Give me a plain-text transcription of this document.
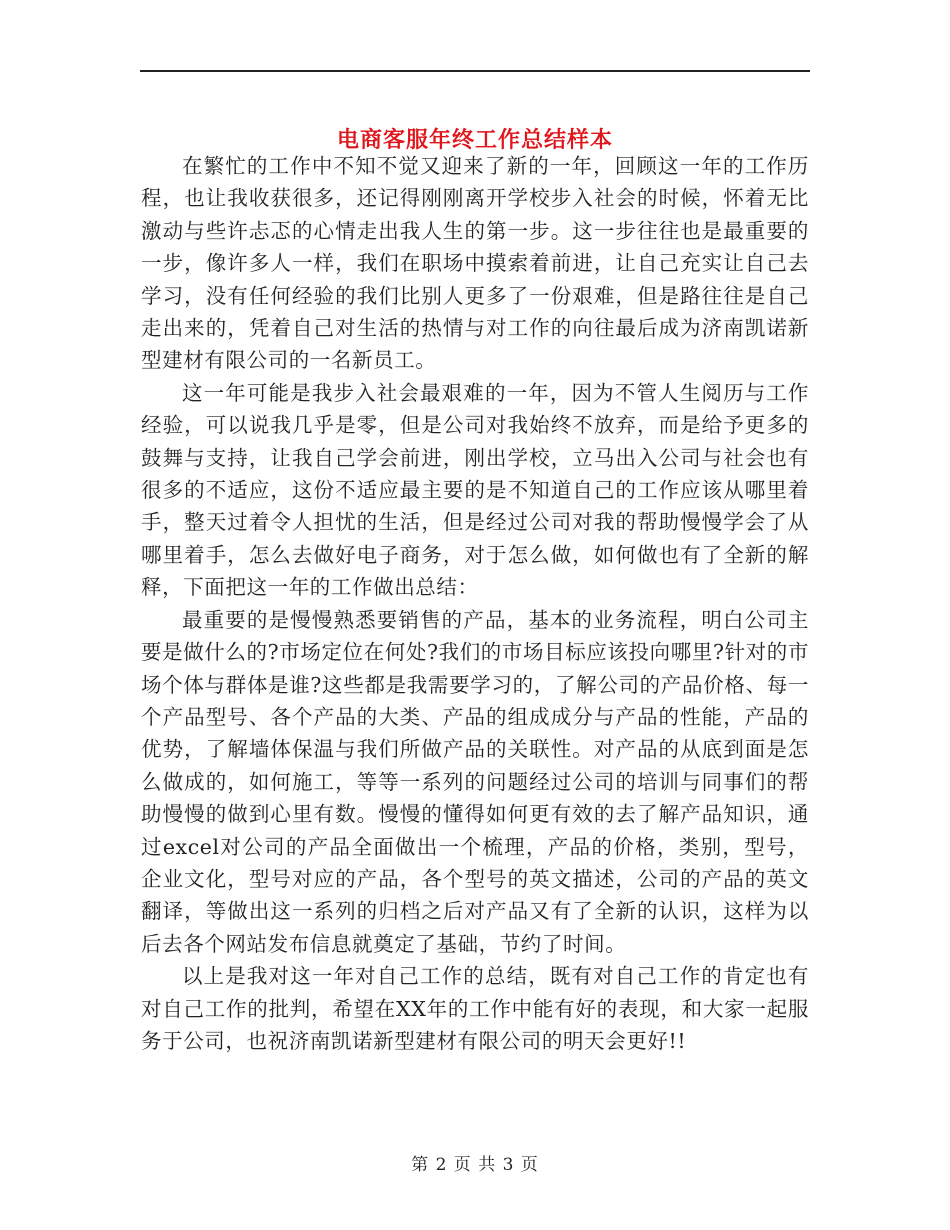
电商客服年终工作总结样本

在繁忙的工作中不知不觉又迎来了新的一年，回顾这一年的工作历程，也让我收获很多，还记得刚刚离开学校步入社会的时候，怀着无比激动与些许忐忑的心情走出我人生的第一步。这一步往往也是最重要的一步，像许多人一样，我们在职场中摸索着前进，让自己充实让自己去学习，没有任何经验的我们比别人更多了一份艰难，但是路往往是自己走出来的，凭着自己对生活的热情与对工作的向往最后成为济南凯诺新型建材有限公司的一名新员工。

这一年可能是我步入社会最艰难的一年，因为不管人生阅历与工作经验，可以说我几乎是零，但是公司对我始终不放弃，而是给予更多的鼓舞与支持，让我自己学会前进，刚出学校，立马出入公司与社会也有很多的不适应，这份不适应最主要的是不知道自己的工作应该从哪里着手，整天过着令人担忧的生活，但是经过公司对我的帮助慢慢学会了从哪里着手，怎么去做好电子商务，对于怎么做，如何做也有了全新的解释，下面把这一年的工作做出总结：

最重要的是慢慢熟悉要销售的产品，基本的业务流程，明白公司主要是做什么的?市场定位在何处?我们的市场目标应该投向哪里?针对的市场个体与群体是谁?这些都是我需要学习的，了解公司的产品价格、每一个产品型号、各个产品的大类、产品的组成成分与产品的性能，产品的优势，了解墙体保温与我们所做产品的关联性。对产品的从底到面是怎么做成的，如何施工，等等一系列的问题经过公司的培训与同事们的帮助慢慢的做到心里有数。慢慢的懂得如何更有效的去了解产品知识，通过excel对公司的产品全面做出一个梳理，产品的价格，类别，型号，企业文化，型号对应的产品，各个型号的英文描述，公司的产品的英文翻译，等做出这一系列的归档之后对产品又有了全新的认识，这样为以后去各个网站发布信息就奠定了基础，节约了时间。

以上是我对这一年对自己工作的总结，既有对自己工作的肯定也有对自己工作的批判，希望在XX年的工作中能有好的表现，和大家一起服务于公司，也祝济南凯诺新型建材有限公司的明天会更好!!

第 2 页 共 3 页
